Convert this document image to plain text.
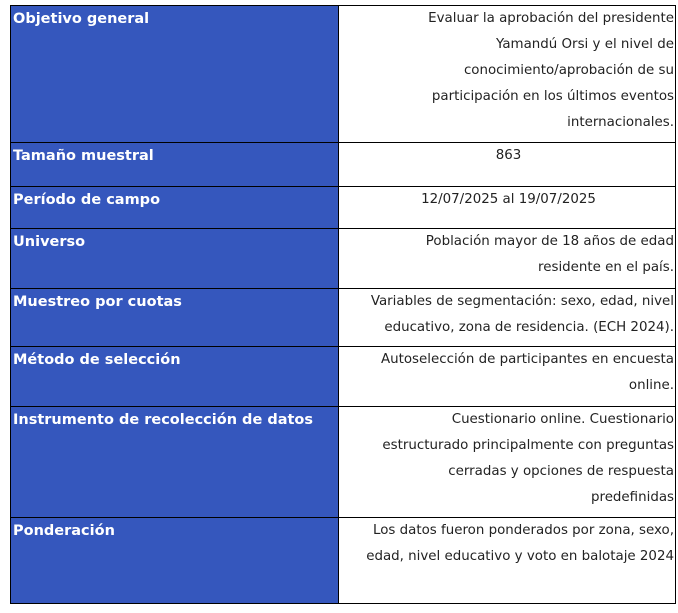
Objetivo general	Evaluar la aprobación del presidente
Yamandú Orsi y el nivel de
conocimiento/aprobación de su
participación en los últimos eventos
internacionales.

Tamaño muestral	863

Período de campo	12/07/2025 al 19/07/2025

Universo	Población mayor de 18 años de edad
residente en el país.

Muestreo por cuotas	Variables de segmentación: sexo, edad, nivel
educativo, zona de residencia. (ECH 2024).

Método de selección	Autoselección de participantes en encuesta
online.

Instrumento de recolección de datos	Cuestionario online. Cuestionario
estructurado principalmente con preguntas
cerradas y opciones de respuesta
predefinidas

Ponderación	Los datos fueron ponderados por zona, sexo,
edad, nivel educativo y voto en balotaje 2024
